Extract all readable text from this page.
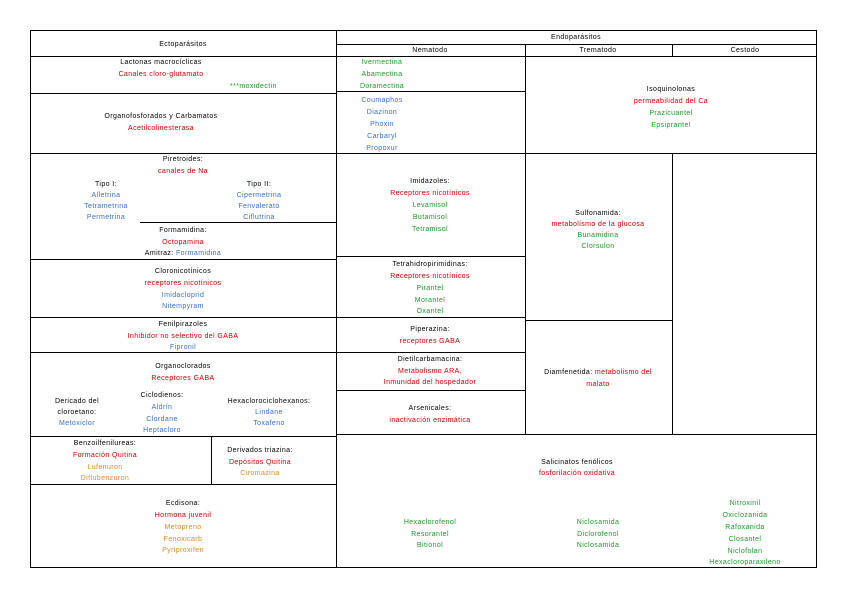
Ectoparásitos
Endoparásitos
Nematodo	Trematodo	Cestodo
Lactonas macrocíclicas
Canales cloro-glutamato
***moxidectin
Ivermectina
Abamectina
Doramectina
Organofosforados y Carbamatos
Acetilcolinesterasa
Coumaphos
Diazinon
Phoxin
Carbaryl
Propoxur
Isoquinolonas
permeabilidad del Ca
Prazicuantel
Epsiprantel
Piretroides:
canales de Na
Tipo I:
Alletrina
Tetrametrina
Permetrina
Tipo II:
Cipermetrina
Fenvalerato
Ciflutrina
Formamidina:
Octopamina
Amitraz: Formamidina
Imidazoles:
Receptores nicotínicos
Levamisol
Butamisol
Tetramisol
Sulfonamida:
metabolismo de la glucosa
Bunamidina
Clorsulon
Cloronicotínicos
receptores nicotínicos
Imidacloprid
Nitempyram
Tetrahidropirimidinas:
Receptores nicotínicos
Pirantel
Morantel
Oxantel
Fenilpirazoles
Inhibidor no selectivo del GABA
Fipronil
Piperazina:
receptores GABA
Organoclorados
Receptores GABA
Dericado del
cloroetano:
Metoxiclor
Ciclodienos:
Aldrín
Clordane
Heptacloro
Hexaclorociclohexanos:
Lindane
Toxafeno
Dietilcarbamacina:
Metabolismo ARA,
Inmunidad del hospedador
Diamfenetida: metabolismo del
malato
Arsenicales:
inactivación enzimática
Benzoilfenilureas:
Formación Quitina
Lufenuron
Diflubenzuron
Derivados triazina:
Depósitos Quitina
Ciromazina
Salicinatos fenólicos
fosforilación oxidativa
Hexaclorofenol
Resorantel
Bitionol
Niclosamida
Diclorofenol
Niclosamida
Nitroxinil
Oxiclozanida
Rafoxanida
Closantel
Niclofolan
Hexacloroparaxileno
Ecdisona:
Hormona juvenil
Metopreno
Fenoxicarb
Pyriproxifen
